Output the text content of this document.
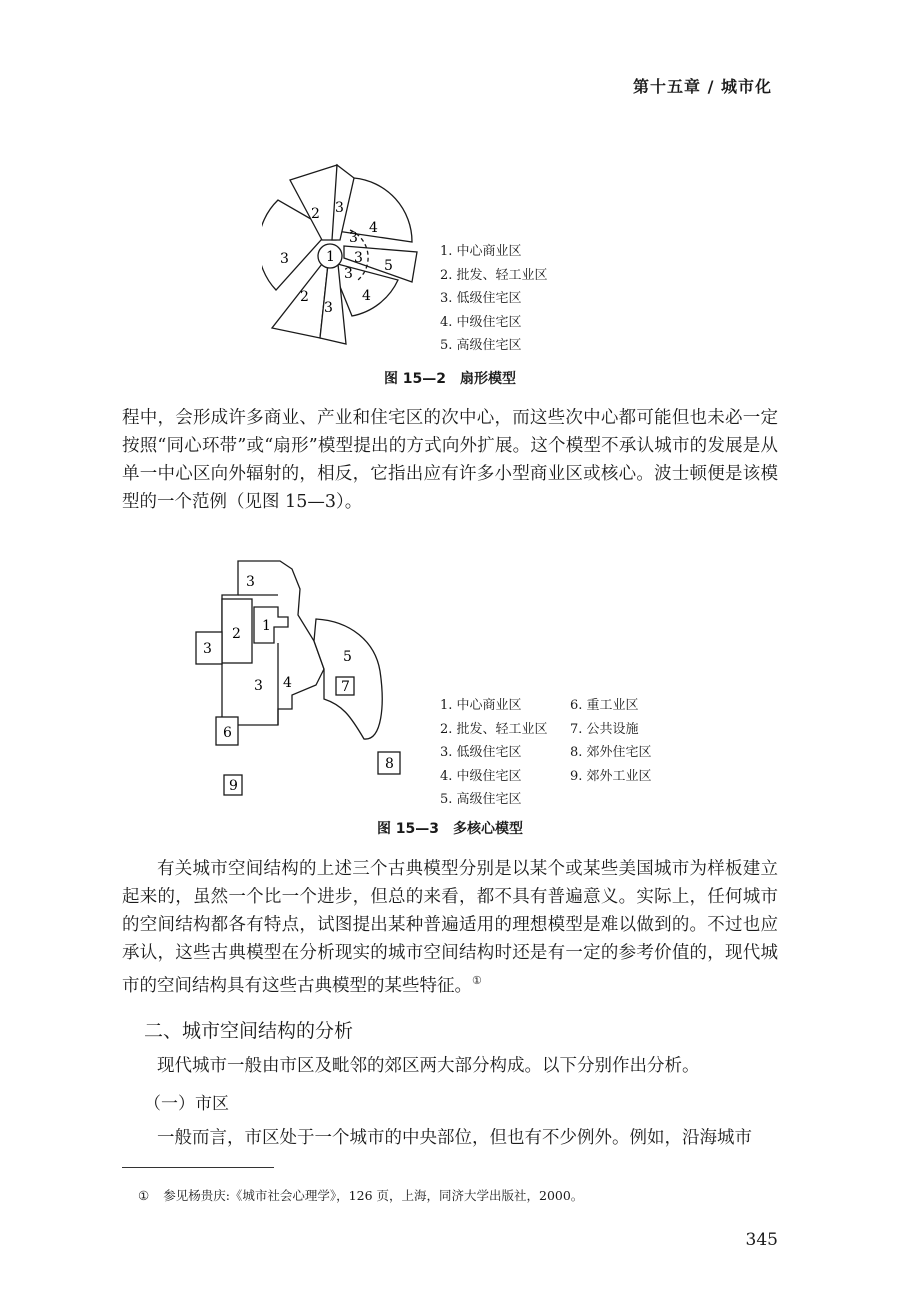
第十五章 / 城市化
1
3
2
2
3
3
4
4
5
3
3
3
1. 中心商业区
2. 批发、轻工业区
3. 低级住宅区
4. 中级住宅区
5. 高级住宅区
图 15—2　扇形模型

程中，会形成许多商业、产业和住宅区的次中心，而这些次中心都可能但也未必一定按照“同心环带”或“扇形”模型提出的方式向外扩展。这个模型不承认城市的发展是从单一中心区向外辐射的，相反，它指出应有许多小型商业区或核心。波士顿便是该模型的一个范例（见图 15—3）。

3
2
3
1
3 4
5
7
6
8
9
1. 中心商业区
2. 批发、轻工业区
3. 低级住宅区
4. 中级住宅区
5. 高级住宅区
6. 重工业区
7. 公共设施
8. 郊外住宅区
9. 郊外工业区
图 15—3　多核心模型

有关城市空间结构的上述三个古典模型分别是以某个或某些美国城市为样板建立起来的，虽然一个比一个进步，但总的来看，都不具有普遍意义。实际上，任何城市的空间结构都各有特点，试图提出某种普遍适用的理想模型是难以做到的。不过也应承认，这些古典模型在分析现实的城市空间结构时还是有一定的参考价值的，现代城市的空间结构具有这些古典模型的某些特征。①

二、城市空间结构的分析

现代城市一般由市区及毗邻的郊区两大部分构成。以下分别作出分析。

（一）市区

一般而言，市区处于一个城市的中央部位，但也有不少例外。例如，沿海城市

① 参见杨贵庆:《城市社会心理学》，126 页，上海，同济大学出版社，2000。
345
